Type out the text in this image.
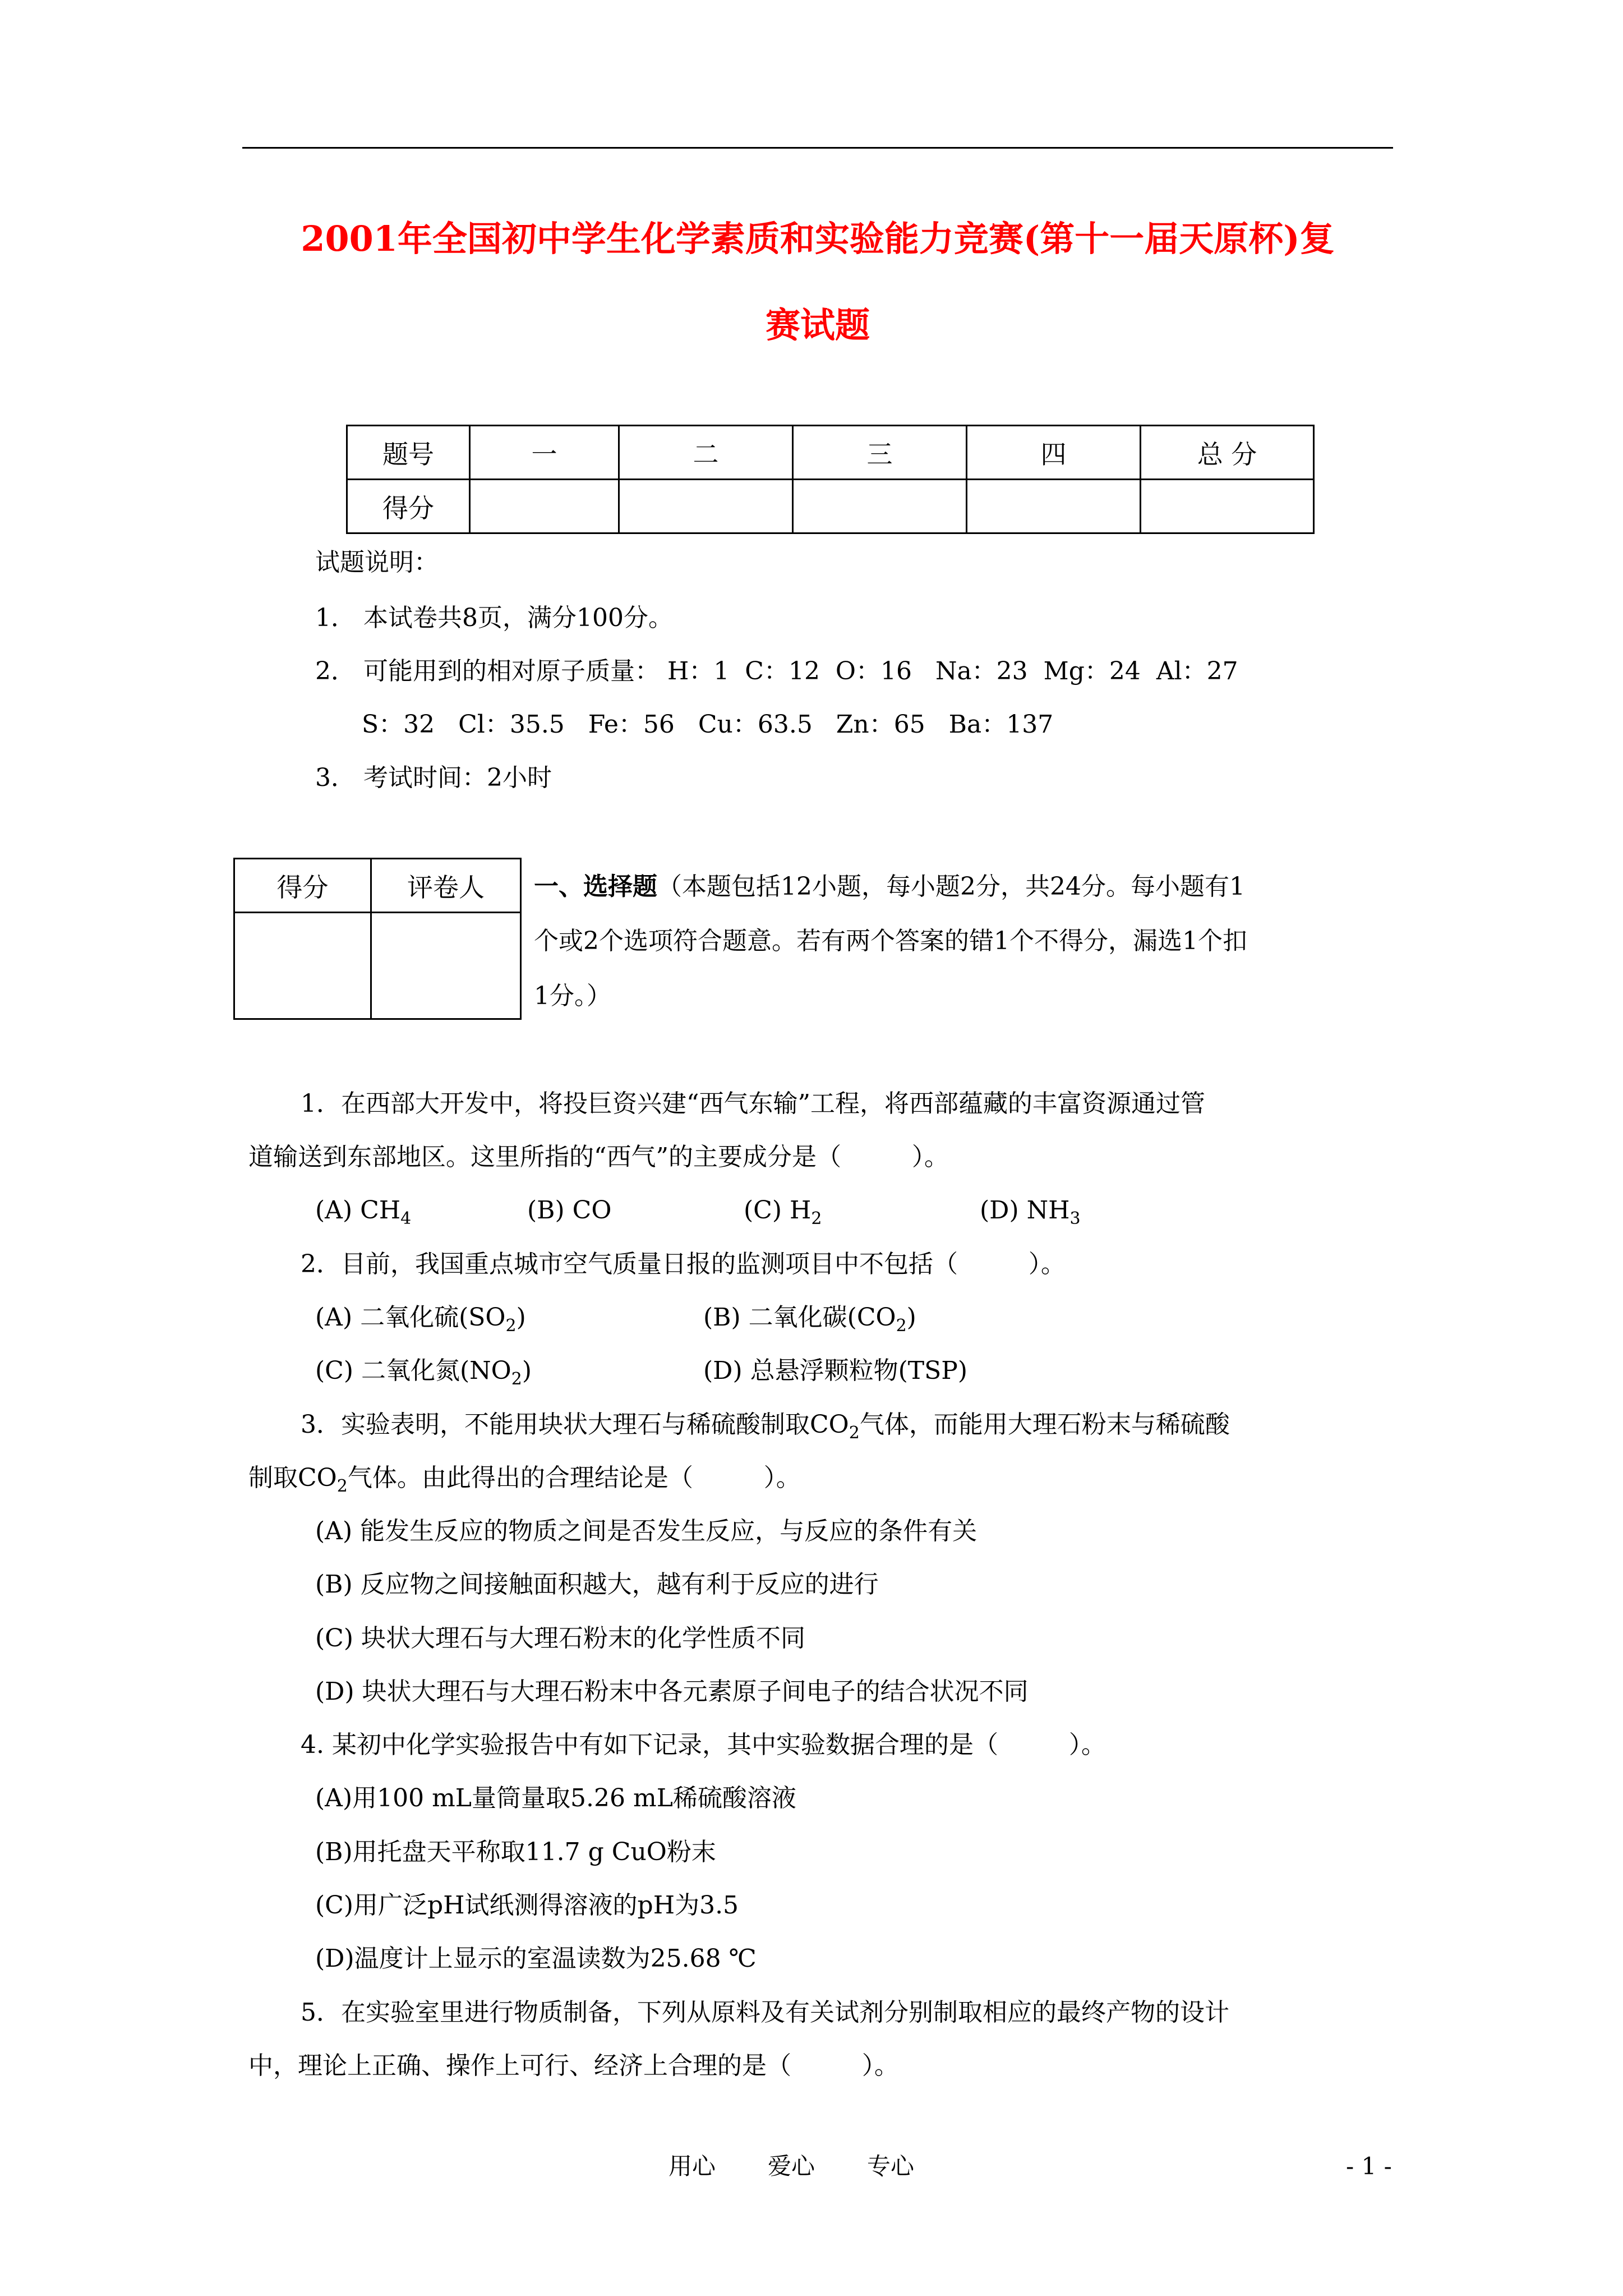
2001年全国初中学生化学素质和实验能力竞赛(第十一届天原杯)复
赛试题
题号	一	二	三	四	总 分
得分					
试题说明：
1． 本试卷共8页，满分100分。
2． 可能用到的相对原子质量： H：1  C：12  O：16   Na：23  Mg：24  Al：27
S：32   Cl：35.5   Fe：56   Cu：63.5   Zn：65   Ba：137
3． 考试时间：2小时
得分	评卷人
	一、选择题（本题包括12小题，每小题2分，共24分。每小题有1
个或2个选项符合题意。若有两个答案的错1个不得分，漏选1个扣
1分。）
1．在西部大开发中，将投巨资兴建“西气东输”工程，将西部蕴藏的丰富资源通过管
道输送到东部地区。这里所指的“西气”的主要成分是（         ）。
(A) $CH_4$	(B) CO	(C) $H_2$	(D) $NH_3$
2．目前，我国重点城市空气质量日报的监测项目中不包括（         ）。
(A) 二氧化硫$(SO_2)$	(B) 二氧化碳$(CO_2)$
(C) 二氧化氮$(NO_2)$	(D) 总悬浮颗粒物(TSP)
3．实验表明，不能用块状大理石与稀硫酸制取$CO_2$气体，而能用大理石粉末与稀硫酸
制取$CO_2$气体。由此得出的合理结论是（         ）。
(A) 能发生反应的物质之间是否发生反应，与反应的条件有关
(B) 反应物之间接触面积越大，越有利于反应的进行
(C) 块状大理石与大理石粉末的化学性质不同
(D) 块状大理石与大理石粉末中各元素原子间电子的结合状况不同
4. 某初中化学实验报告中有如下记录，其中实验数据合理的是（         ）。
(A)用100 mL量筒量取5.26 mL稀硫酸溶液
(B)用托盘天平称取11.7 g CuO粉末
(C)用广泛pH试纸测得溶液的pH为3.5
(D)温度计上显示的室温读数为25.68 ℃
5．在实验室里进行物质制备，下列从原料及有关试剂分别制取相应的最终产物的设计
中，理论上正确、操作上可行、经济上合理的是（         ）。
用心 爱心 专心	- 1 -
